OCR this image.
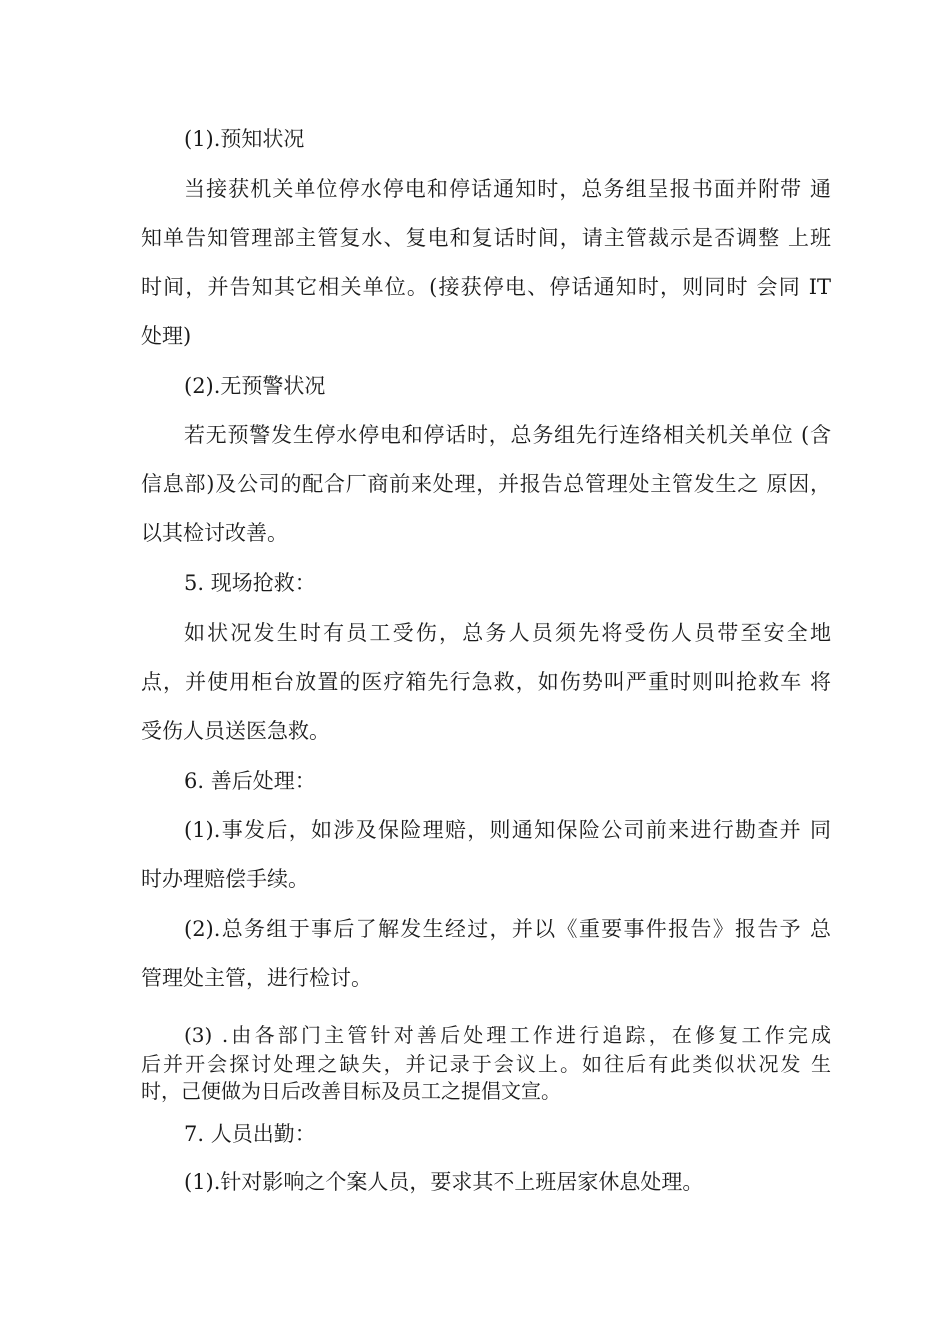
(1).预知状况
当接获机关单位停水停电和停话通知时，总务组呈报书面并附带 通
知单告知管理部主管复水、复电和复话时间，请主管裁示是否调整 上班
时间，并告知其它相关单位。(接获停电、停话通知时，则同时 会同 IT
处理)
(2).无预警状况
若无预警发生停水停电和停话时，总务组先行连络相关机关单位 (含
信息部)及公司的配合厂商前来处理，并报告总管理处主管发生之 原因，
以其检讨改善。
5. 现场抢救：
如状况发生时有员工受伤，总务人员须先将受伤人员带至安全地
点，并使用柜台放置的医疗箱先行急救，如伤势叫严重时则叫抢救车 将
受伤人员送医急救。
6. 善后处理：
(1).事发后，如涉及保险理赔，则通知保险公司前来进行勘查并 同
时办理赔偿手续。
(2).总务组于事后了解发生经过，并以《重要事件报告》报告予 总
管理处主管，进行检讨。
(3) .由各部门主管针对善后处理工作进行追踪，在修复工作完成
后并开会探讨处理之缺失，并记录于会议上。如往后有此类似状况发 生
时，己便做为日后改善目标及员工之提倡文宣。
7. 人员出勤：
(1).针对影响之个案人员，要求其不上班居家休息处理。
